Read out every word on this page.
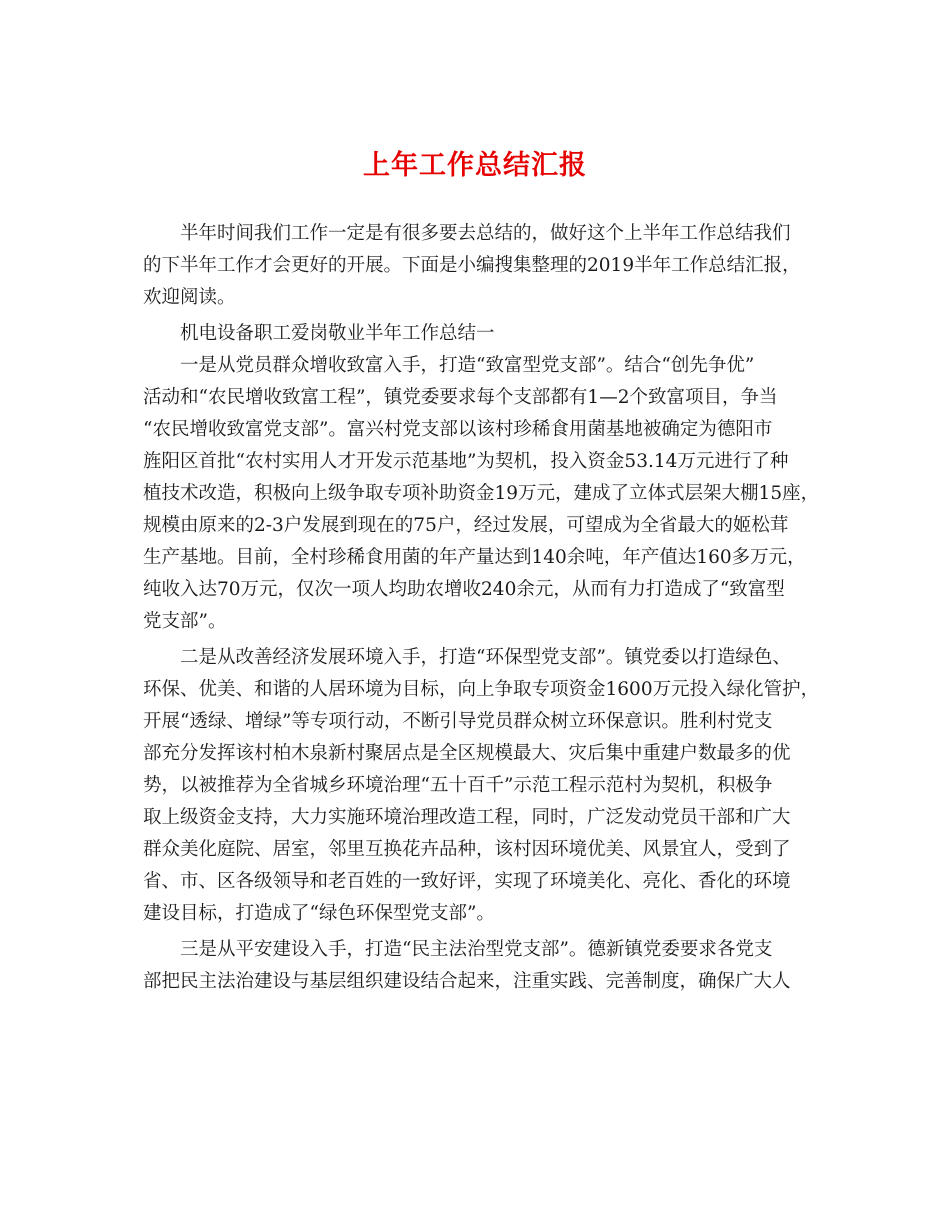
上年工作总结汇报
半年时间我们工作一定是有很多要去总结的，做好这个上半年工作总结我们
的下半年工作才会更好的开展。下面是小编搜集整理的2019半年工作总结汇报，
欢迎阅读。
机电设备职工爱岗敬业半年工作总结一
一是从党员群众增收致富入手，打造“致富型党支部”。结合“创先争优”
活动和“农民增收致富工程”，镇党委要求每个支部都有1—2个致富项目，争当
“农民增收致富党支部”。富兴村党支部以该村珍稀食用菌基地被确定为德阳市
旌阳区首批“农村实用人才开发示范基地”为契机，投入资金53.14万元进行了种
植技术改造，积极向上级争取专项补助资金19万元，建成了立体式层架大棚15座，
规模由原来的2-3户发展到现在的75户，经过发展，可望成为全省最大的姬松茸
生产基地。目前，全村珍稀食用菌的年产量达到140余吨，年产值达160多万元，
纯收入达70万元，仅次一项人均助农增收240余元，从而有力打造成了“致富型
党支部”。
二是从改善经济发展环境入手，打造“环保型党支部”。镇党委以打造绿色、
环保、优美、和谐的人居环境为目标，向上争取专项资金1600万元投入绿化管护，
开展“透绿、增绿”等专项行动，不断引导党员群众树立环保意识。胜利村党支
部充分发挥该村柏木泉新村聚居点是全区规模最大、灾后集中重建户数最多的优
势，以被推荐为全省城乡环境治理“五十百千”示范工程示范村为契机，积极争
取上级资金支持，大力实施环境治理改造工程，同时，广泛发动党员干部和广大
群众美化庭院、居室，邻里互换花卉品种，该村因环境优美、风景宜人，受到了
省、市、区各级领导和老百姓的一致好评，实现了环境美化、亮化、香化的环境
建设目标，打造成了“绿色环保型党支部”。
三是从平安建设入手，打造“民主法治型党支部”。德新镇党委要求各党支
部把民主法治建设与基层组织建设结合起来，注重实践、完善制度，确保广大人
